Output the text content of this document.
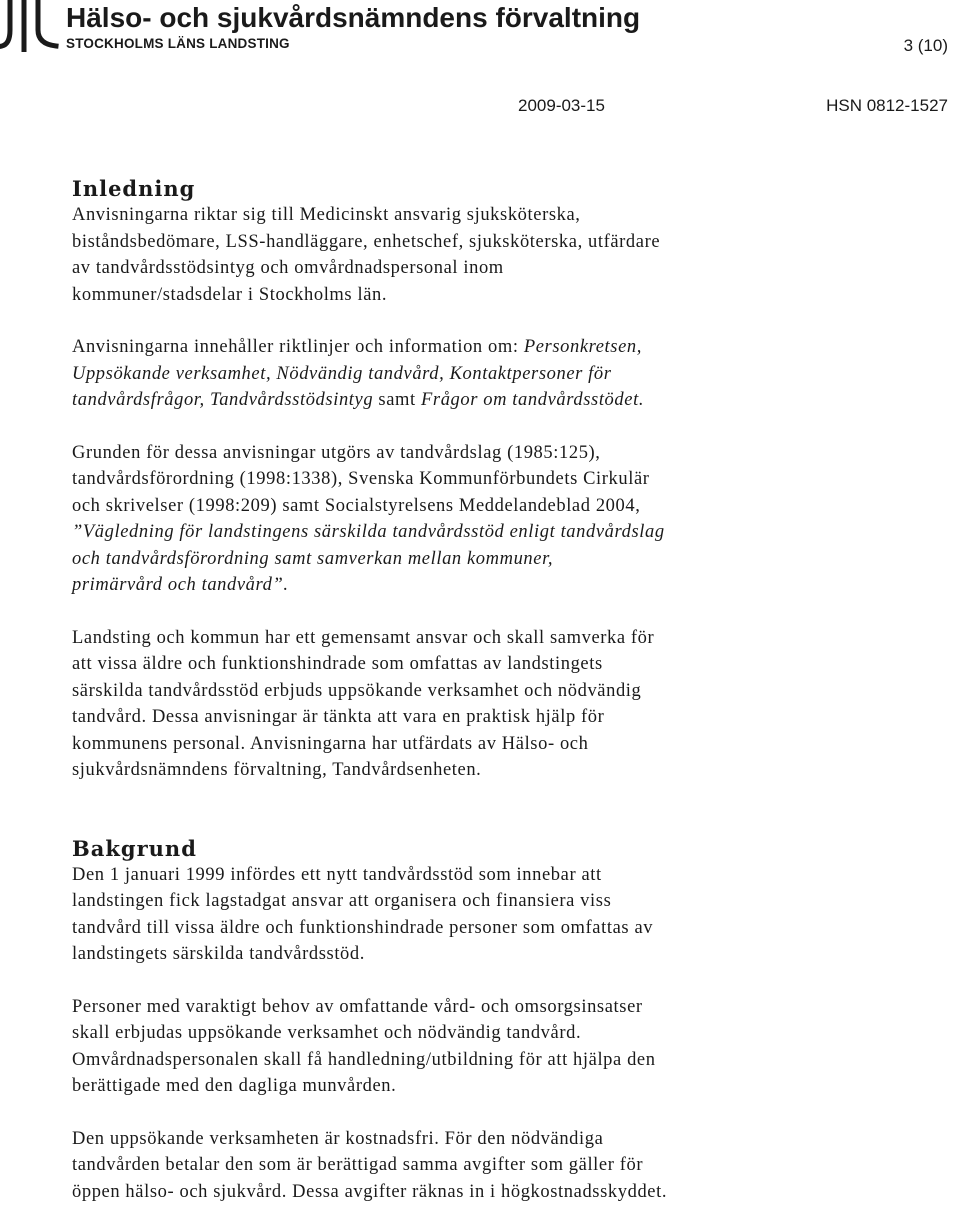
Hälso- och sjukvårdsnämndens förvaltning
STOCKHOLMS LÄNS LANDSTING	3 (10)
2009-03-15	HSN 0812-1527
Inledning

Anvisningarna riktar sig till Medicinskt ansvarig sjuksköterska,
biståndsbedömare, LSS-handläggare, enhetschef, sjuksköterska, utfärdare
av tandvårdsstödsintyg och omvårdnadspersonal inom
kommuner/stadsdelar i Stockholms län.

Anvisningarna innehåller riktlinjer och information om: Personkretsen,
Uppsökande verksamhet, Nödvändig tandvård, Kontaktpersoner för
tandvårdsfrågor, Tandvårdsstödsintyg samt Frågor om tandvårdsstödet.

Grunden för dessa anvisningar utgörs av tandvårdslag (1985:125),
tandvårdsförordning (1998:1338), Svenska Kommunförbundets Cirkulär
och skrivelser (1998:209) samt Socialstyrelsens Meddelandeblad 2004,
”Vägledning för landstingens särskilda tandvårdsstöd enligt tandvårdslag
och tandvårdsförordning samt samverkan mellan kommuner,
primärvård och tandvård”.

Landsting och kommun har ett gemensamt ansvar och skall samverka för
att vissa äldre och funktionshindrade som omfattas av landstingets
särskilda tandvårdsstöd erbjuds uppsökande verksamhet och nödvändig
tandvård. Dessa anvisningar är tänkta att vara en praktisk hjälp för
kommunens personal. Anvisningarna har utfärdats av Hälso- och
sjukvårdsnämndens förvaltning, Tandvårdsenheten.

Bakgrund

Den 1 januari 1999 infördes ett nytt tandvårdsstöd som innebar att
landstingen fick lagstadgat ansvar att organisera och finansiera viss
tandvård till vissa äldre och funktionshindrade personer som omfattas av
landstingets särskilda tandvårdsstöd.

Personer med varaktigt behov av omfattande vård- och omsorgsinsatser
skall erbjudas uppsökande verksamhet och nödvändig tandvård.
Omvårdnadspersonalen skall få handledning/utbildning för att hjälpa den
berättigade med den dagliga munvården.

Den uppsökande verksamheten är kostnadsfri. För den nödvändiga
tandvården betalar den som är berättigad samma avgifter som gäller för
öppen hälso- och sjukvård. Dessa avgifter räknas in i högkostnadsskyddet.
